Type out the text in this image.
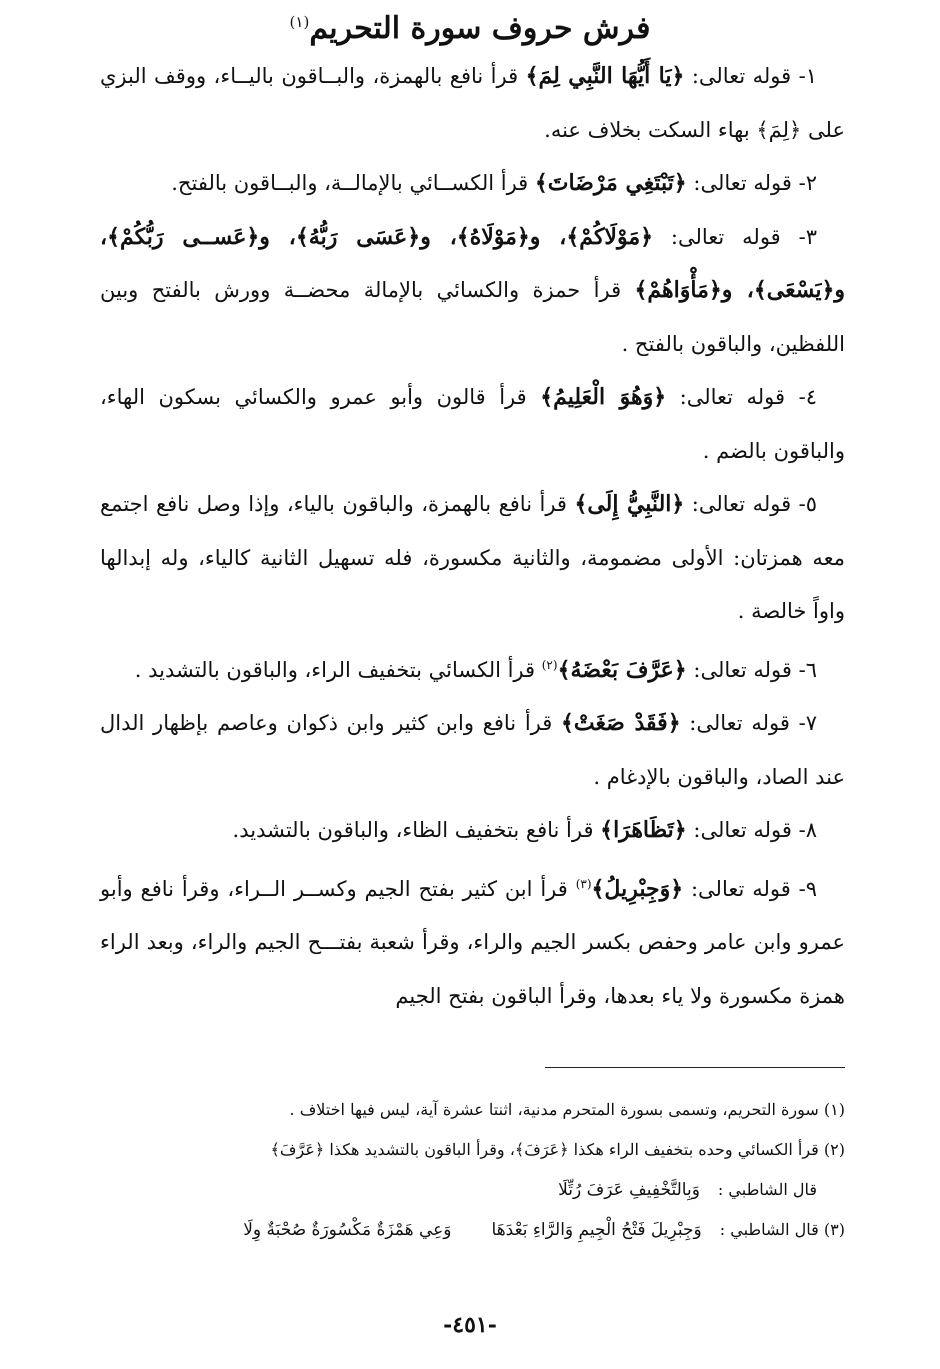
فرش حروف سورة التحريم$^{(١)}$

١- قوله تعالى: ﴿يَا أَيُّهَا النَّبِي لِمَ﴾ قرأ نافع بالهمزة، والبــاقون باليــاء، ووقف البزي على ﴿لِمَ﴾ بهاء السكت بخلاف عنه.

٢- قوله تعالى: ﴿تَبْتَغِي مَرْضَاتَ﴾ قرأ الكســائي بالإمالــة، والبــاقون بالفتح.

٣- قوله تعالى: ﴿مَوْلَاكُمْ﴾، و﴿مَوْلَاهُ﴾، و﴿عَسَى رَبُّهُ﴾، و﴿عَســى رَبُّكُمْ﴾، و﴿يَسْعَى﴾، و﴿مَأْوَاهُمْ﴾ قرأ حمزة والكسائي بالإمالة محضــة وورش بالفتح وبين اللفظين، والباقون بالفتح .

٤- قوله تعالى: ﴿وَهُوَ الْعَلِيمُ﴾ قرأ قالون وأبو عمرو والكسائي بسكون الهاء، والباقون بالضم .

٥- قوله تعالى: ﴿النَّبِيُّ إِلَى﴾ قرأ نافع بالهمزة، والباقون بالياء، وإذا وصل نافع اجتمع معه همزتان: الأولى مضمومة، والثانية مكسورة، فله تسهيل الثانية كالياء، وله إبدالها واواً خالصة .

٦- قوله تعالى: ﴿عَرَّفَ بَعْضَهُ﴾$^{(٢)}$ قرأ الكسائي بتخفيف الراء، والباقون بالتشديد .

٧- قوله تعالى: ﴿فَقَدْ صَغَتْ﴾ قرأ نافع وابن كثير وابن ذكوان وعاصم بإظهار الدال عند الصاد، والباقون بالإدغام .

٨- قوله تعالى: ﴿تَظَاهَرَا﴾ قرأ نافع بتخفيف الظاء، والباقون بالتشديد.

٩- قوله تعالى: ﴿وَجِبْرِيلُ﴾$^{(٣)}$ قرأ ابن كثير بفتح الجيم وكســر الــراء، وقرأ نافع وأبو عمرو وابن عامر وحفص بكسر الجيم والراء، وقرأ شعبة بفتـــح الجيم والراء، وبعد الراء همزة مكسورة ولا ياء بعدها، وقرأ الباقون بفتح الجيم

(١) سورة التحريم، وتسمى بسورة المتحرم مدنية، اثنتا عشرة آية، ليس فيها اختلاف .

(٢) قرأ الكسائي وحده بتخفيف الراء هكذا ﴿عَرَفَ﴾، وقرأ الباقون بالتشديد هكذا ﴿عَرَّفَ﴾

قال الشاطبي :وَبِالتَّخْفِيفِ عَرَفَ رُتِّلَا

(٣) قال الشاطبي :وَجِبْرِيلَ فَتْحُ الْجِيمِ وَالرَّاءِ بَعْدَهَاوَعِي هَمْزَةٌ مَكْسُورَةٌ صُحْبَةٌ وِلَا

-٤٥١-
